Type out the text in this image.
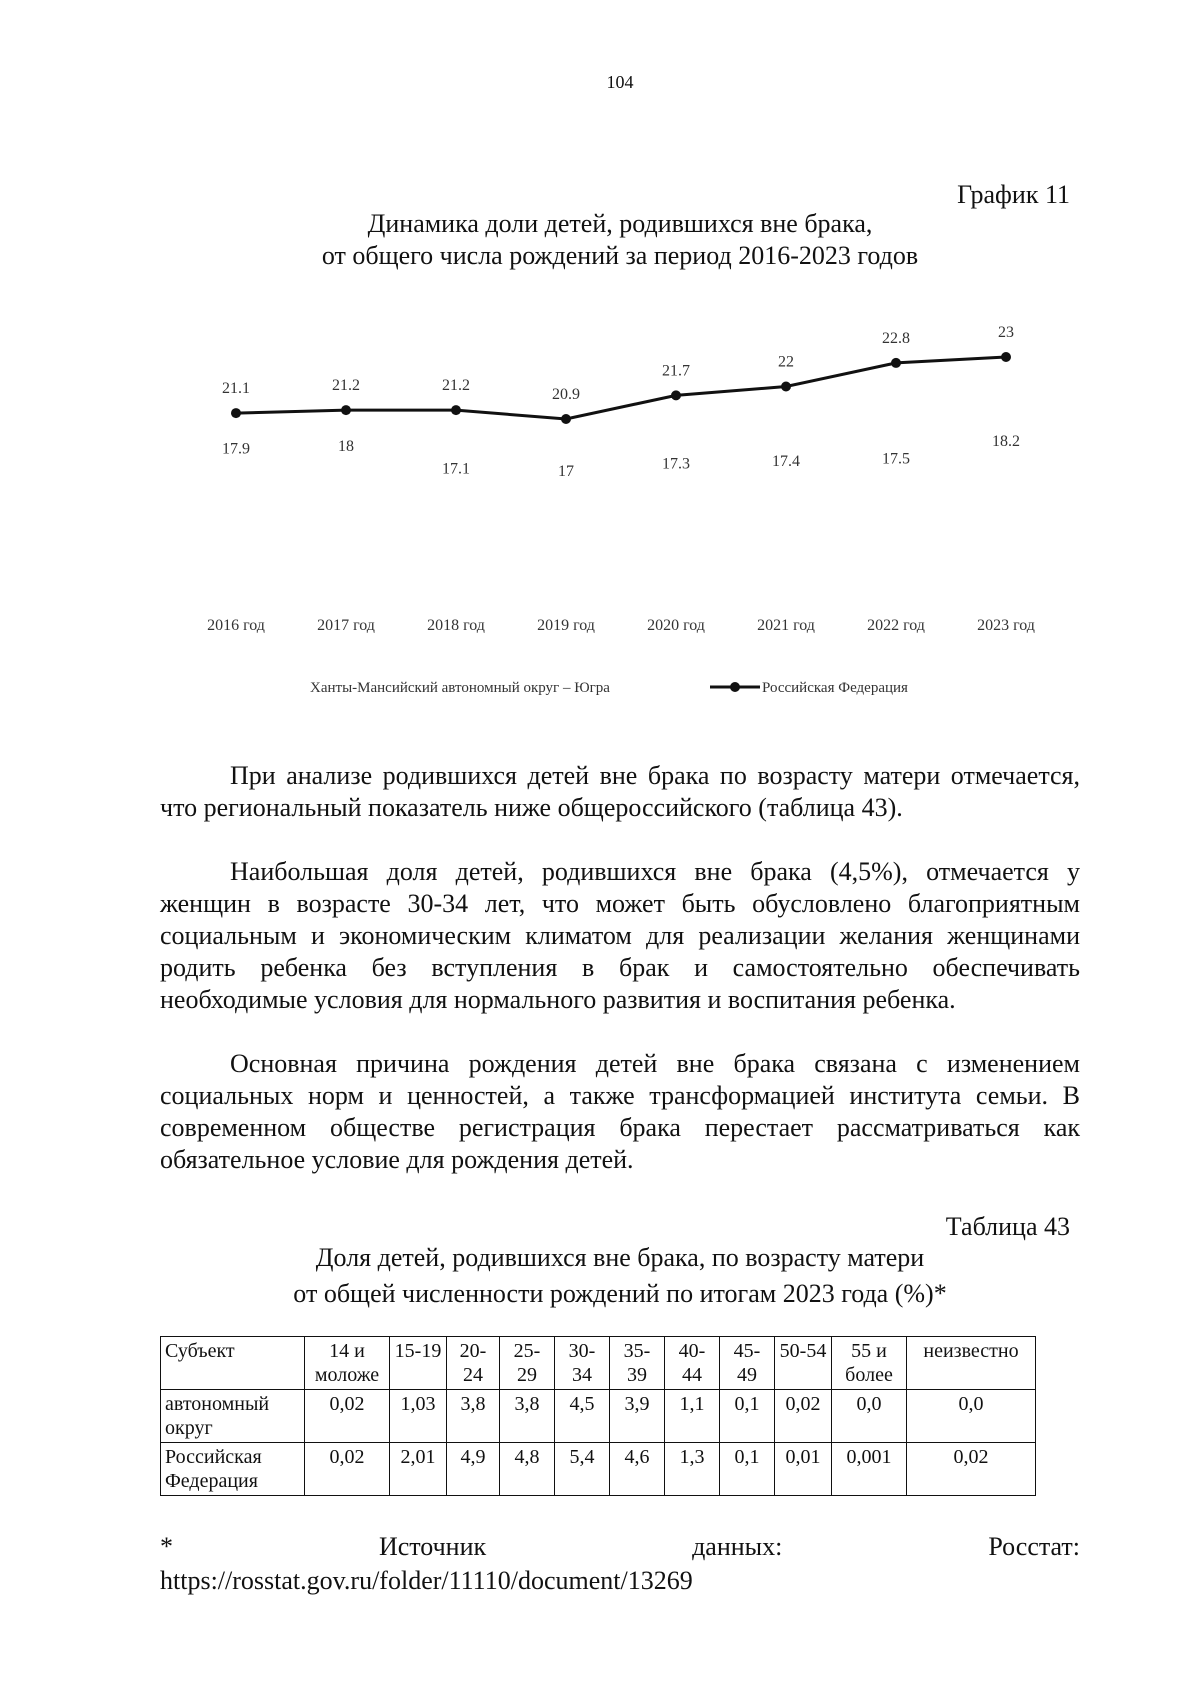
104
График 11
Динамика доли детей, родившихся вне брака,
от общего числа рождений за период 2016-2023 годов
21.1	21.2	21.2
20.9
21.7
22
22.8	23
17.9	18
17.1	17	17.3	17.4	17.5
18.2
2016 год	2017 год	2018 год	2019 год	2020 год	2021 год	2022 год	2023 год
Ханты-Мансийский автономный округ – Югра	Российская Федерация
При анализе родившихся детей вне брака по возрасту матери отмечается, что региональный показатель ниже общероссийского (таблица 43).
Наибольшая доля детей, родившихся вне брака (4,5%), отмечается у женщин в возрасте 30-34 лет, что может быть обусловлено благоприятным социальным и экономическим климатом для реализации желания женщинами родить ребенка без вступления в брак и самостоятельно обеспечивать необходимые условия для нормального развития и воспитания ребенка.
Основная причина рождения детей вне брака связана с изменением социальных норм и ценностей, а также трансформацией института семьи. В современном обществе регистрация брака перестает рассматриваться как обязательное условие для рождения детей.
Таблица 43
Доля детей, родившихся вне брака, по возрасту матери
от общей численности рождений по итогам 2023 года (%)*
Субъект	14 и моложе	15-19	20-24	25-29	30-34	35-39	40-44	45-49	50-54	55 и более	неизвестно
автономный округ	0,02	1,03	3,8	3,8	4,5	3,9	1,1	0,1	0,02	0,0	0,0
Российская Федерация	0,02	2,01	4,9	4,8	5,4	4,6	1,3	0,1	0,01	0,001	0,02
*	Источник	данных:	Росстат:
https://rosstat.gov.ru/folder/11110/document/13269
